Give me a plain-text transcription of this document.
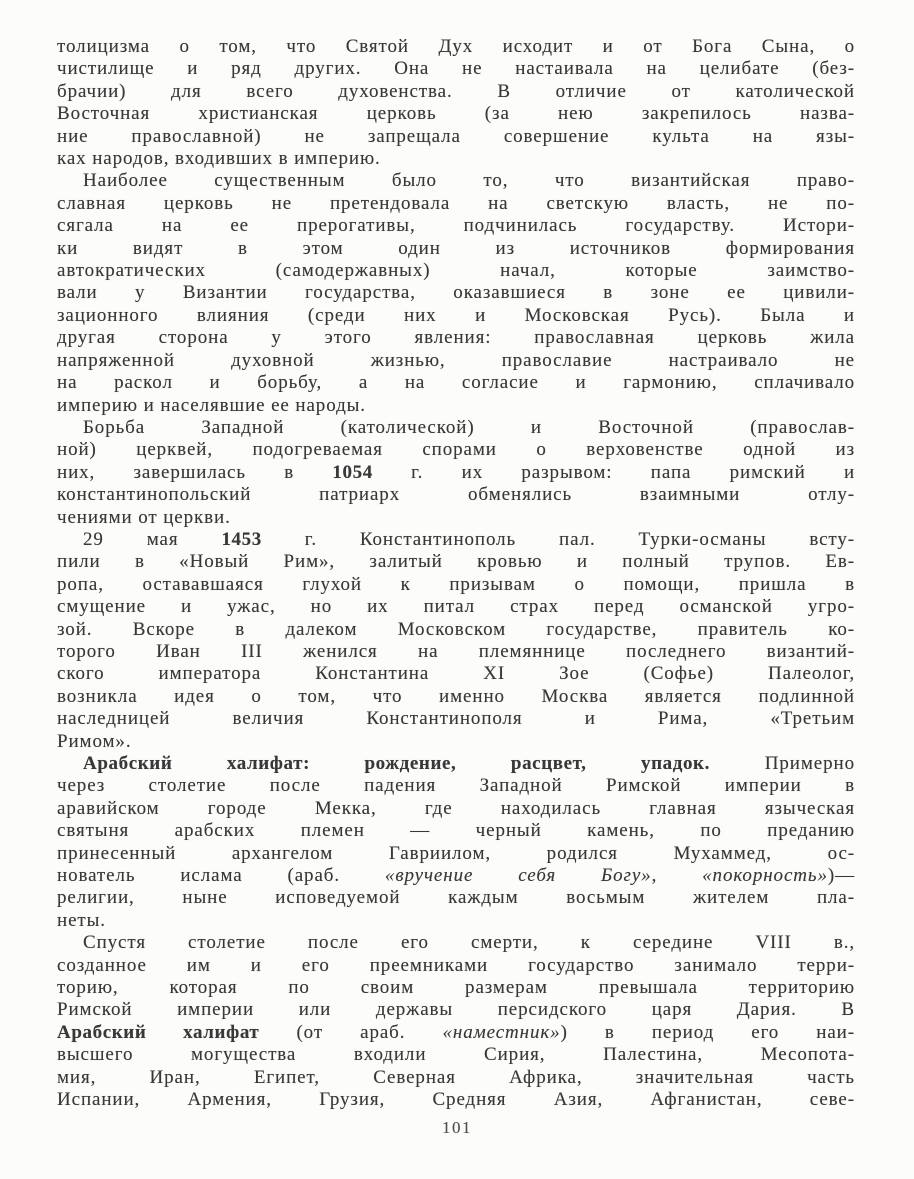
толицизма о том, что Святой Дух исходит и от Бога Сына, о
чистилище и ряд других. Она не настаивала на целибате (без-
брачии) для всего духовенства. В отличие от католической
Восточная христианская церковь (за нею закрепилось назва-
ние православной) не запрещала совершение культа на язы-
ках народов, входивших в империю.
Наиболее существенным было то, что византийская право-
славная церковь не претендовала на светскую власть, не по-
сягала на ее прерогативы, подчинилась государству. Истори-
ки видят в этом один из источников формирования
автократических (самодержавных) начал, которые заимство-
вали у Византии государства, оказавшиеся в зоне ее цивили-
зационного влияния (среди них и Московская Русь). Была и
другая сторона у этого явления: православная церковь жила
напряженной духовной жизнью, православие настраивало не
на раскол и борьбу, а на согласие и гармонию, сплачивало
империю и населявшие ее народы.
Борьба Западной (католической) и Восточной (православ-
ной) церквей, подогреваемая спорами о верховенстве одной из
них, завершилась в 1054 г. их разрывом: папа римский и
константинопольский патриарх обменялись взаимными отлу-
чениями от церкви.
29 мая 1453 г. Константинополь пал. Турки-османы всту-
пили в «Новый Рим», залитый кровью и полный трупов. Ев-
ропа, остававшаяся глухой к призывам о помощи, пришла в
смущение и ужас, но их питал страх перед османской угро-
зой. Вскоре в далеком Московском государстве, правитель ко-
торого Иван III женился на племяннице последнего византий-
ского императора Константина XI Зое (Софье) Палеолог,
возникла идея о том, что именно Москва является подлинной
наследницей величия Константинополя и Рима, «Третьим
Римом».
Арабский халифат: рождение, расцвет, упадок. Примерно
через столетие после падения Западной Римской империи в
аравийском городе Мекка, где находилась главная языческая
святыня арабских племен — черный камень, по преданию
принесенный архангелом Гавриилом, родился Мухаммед, ос-
нователь ислама (араб. «вручение себя Богу», «покорность»)—
религии, ныне исповедуемой каждым восьмым жителем пла-
неты.
Спустя столетие после его смерти, к середине VIII в.,
созданное им и его преемниками государство занимало терри-
торию, которая по своим размерам превышала территорию
Римской империи или державы персидского царя Дария. В
Арабский халифат (от араб. «наместник») в период его наи-
высшего могущества входили Сирия, Палестина, Месопота-
мия, Иран, Египет, Северная Африка, значительная часть
Испании, Армения, Грузия, Средняя Азия, Афганистан, севе-
101
